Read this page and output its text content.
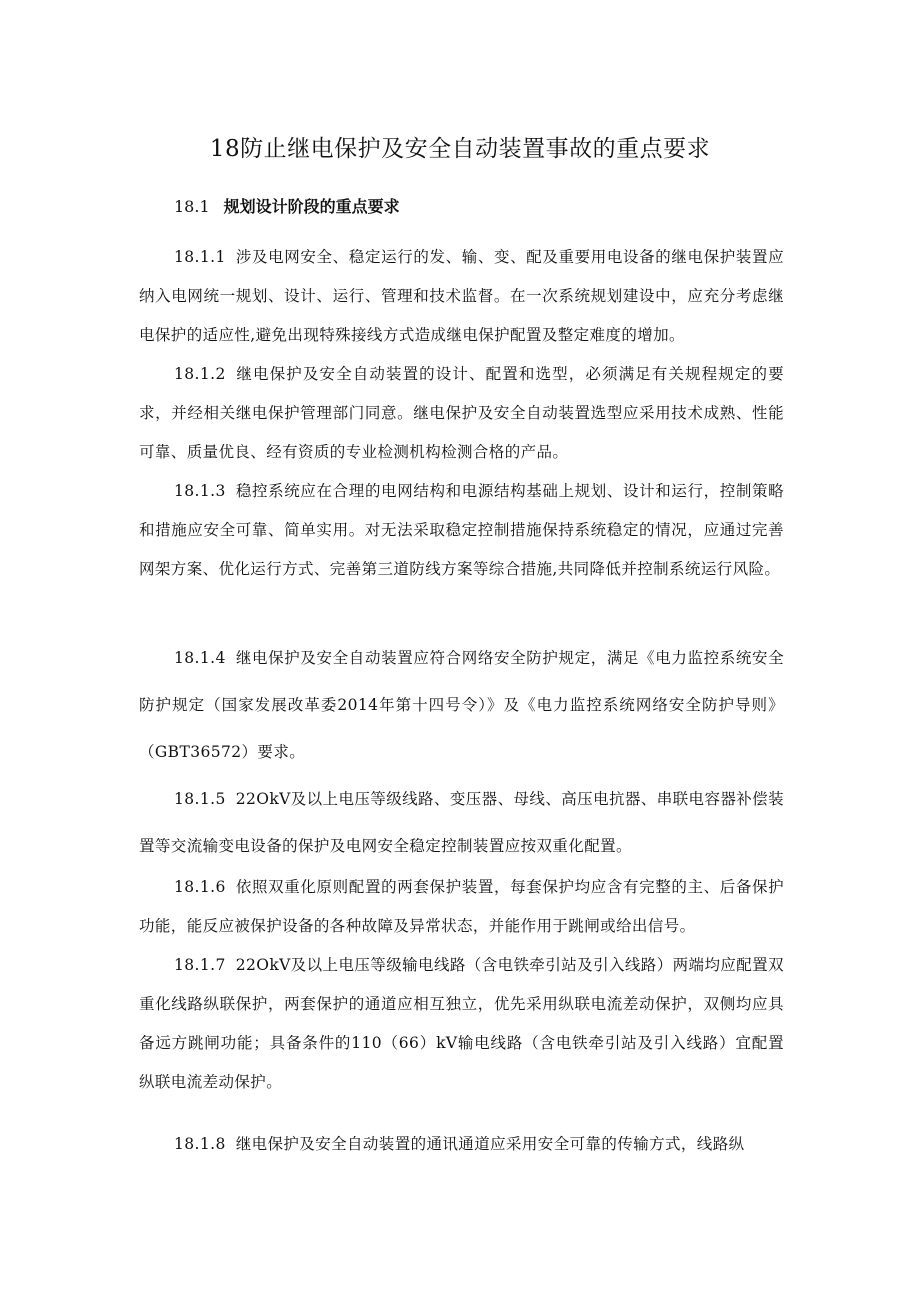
18防止继电保护及安全自动装置事故的重点要求
18.1 规划设计阶段的重点要求

18.1.1 涉及电网安全、稳定运行的发、输、变、配及重要用电设备的继电保护装置应纳入电网统一规划、设计、运行、管理和技术监督。在一次系统规划建设中，应充分考虑继电保护的适应性,避免出现特殊接线方式造成继电保护配置及整定难度的增加。

18.1.2 继电保护及安全自动装置的设计、配置和选型，必须满足有关规程规定的要求，并经相关继电保护管理部门同意。继电保护及安全自动装置选型应采用技术成熟、性能可靠、质量优良、经有资质的专业检测机构检测合格的产品。

18.1.3 稳控系统应在合理的电网结构和电源结构基础上规划、设计和运行，控制策略和措施应安全可靠、简单实用。对无法采取稳定控制措施保持系统稳定的情况，应通过完善网架方案、优化运行方式、完善第三道防线方案等综合措施,共同降低并控制系统运行风险。

18.1.4 继电保护及安全自动装置应符合网络安全防护规定，满足《电力监控系统安全防护规定（国家发展改革委2014年第十四号令）》及《电力监控系统网络安全防护导则》（GBT36572）要求。

18.1.5 22OkV及以上电压等级线路、变压器、母线、高压电抗器、串联电容器补偿装置等交流输变电设备的保护及电网安全稳定控制装置应按双重化配置。

18.1.6 依照双重化原则配置的两套保护装置，每套保护均应含有完整的主、后备保护功能，能反应被保护设备的各种故障及异常状态，并能作用于跳闸或给出信号。

18.1.7 22OkV及以上电压等级输电线路（含电铁牵引站及引入线路）两端均应配置双重化线路纵联保护，两套保护的通道应相互独立，优先采用纵联电流差动保护，双侧均应具备远方跳闸功能；具备条件的110（66）kV输电线路（含电铁牵引站及引入线路）宜配置纵联电流差动保护。

18.1.8 继电保护及安全自动装置的通讯通道应采用安全可靠的传输方式，线路纵
